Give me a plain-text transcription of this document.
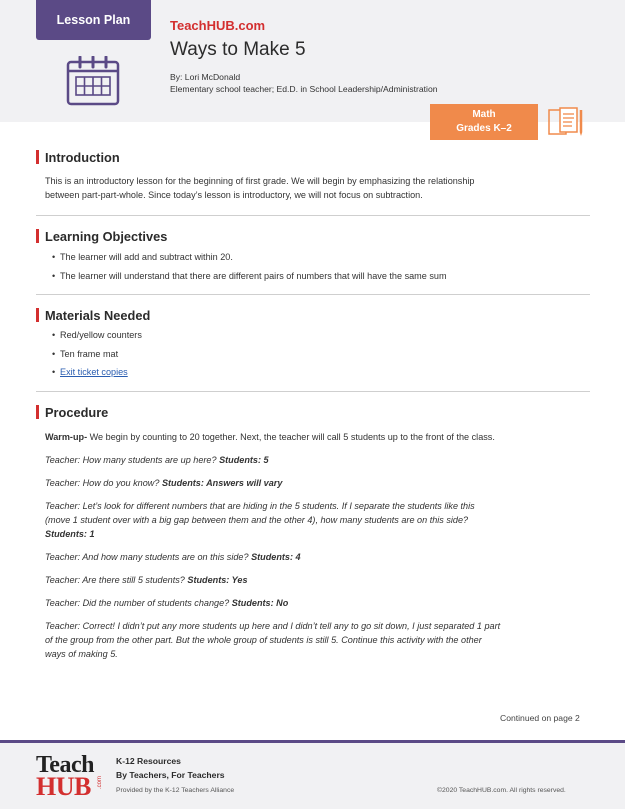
Lesson Plan	TeachHUB.com
Ways to Make 5
By: Lori McDonald
Elementary school teacher; Ed.D. in School Leadership/Administration
Math
Grades K–2
Introduction
This is an introductory lesson for the beginning of first grade. We will begin by emphasizing the relationship
between part-part-whole. Since today’s lesson is introductory, we will not focus on subtraction.
Learning Objectives
• The learner will add and subtract within 20.
• The learner will understand that there are different pairs of numbers that will have the same sum
Materials Needed
• Red/yellow counters
• Ten frame mat
• Exit ticket copies
Procedure

Warm-up- We begin by counting to 20 together. Next, the teacher will call 5 students up to the front of the class.

Teacher: How many students are up here? Students: 5

Teacher: How do you know? Students: Answers will vary

Teacher: Let’s look for different numbers that are hiding in the 5 students. If I separate the students like this

(move 1 student over with a big gap between them and the other 4), how many students are on this side?

Students: 1

Teacher: And how many students are on this side? Students: 4

Teacher: Are there still 5 students? Students: Yes

Teacher: Did the number of students change? Students: No

Teacher: Correct! I didn’t put any more students up here and I didn’t tell any to go sit down, I just separated 1 part

of the group from the other part. But the whole group of students is still 5. Continue this activity with the other

ways of making 5.

Continued on page 2
Teach
HUB .com
K-12 Resources
By Teachers, For Teachers
Provided by the K-12 Teachers Alliance	©2020 TeachHUB.com. All rights reserved.
